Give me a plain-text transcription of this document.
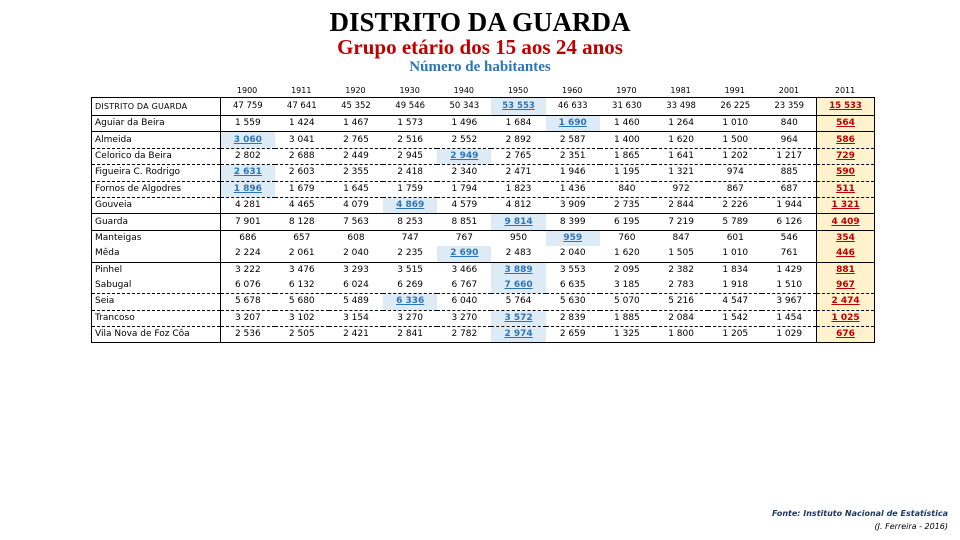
DISTRITO DA GUARDA
Grupo etário dos 15 aos 24 anos
Número de habitantes
1900	1911	1920	1930	1940	1950	1960	1970	1981	1991	2001	2011
DISTRITO DA GUARDA	47 759	47 641	45 352	49 546	50 343	53 553	46 633	31 630	33 498	26 225	23 359	15 533
Aguiar da Beira	1 559	1 424	1 467	1 573	1 496	1 684	1 690	1 460	1 264	1 010	840	564
Almeida	3 060	3 041	2 765	2 516	2 552	2 892	2 587	1 400	1 620	1 500	964	586
Celorico da Beira	2 802	2 688	2 449	2 945	2 949	2 765	2 351	1 865	1 641	1 202	1 217	729
Figueira C. Rodrigo	2 631	2 603	2 355	2 418	2 340	2 471	1 946	1 195	1 321	974	885	590
Fornos de Algodres	1 896	1 679	1 645	1 759	1 794	1 823	1 436	840	972	867	687	511
Gouveia	4 281	4 465	4 079	4 869	4 579	4 812	3 909	2 735	2 844	2 226	1 944	1 321
Guarda	7 901	8 128	7 563	8 253	8 851	9 814	8 399	6 195	7 219	5 789	6 126	4 409
Manteigas	686	657	608	747	767	950	959	760	847	601	546	354
Mêda	2 224	2 061	2 040	2 235	2 690	2 483	2 040	1 620	1 505	1 010	761	446
Pinhel	3 222	3 476	3 293	3 515	3 466	3 889	3 553	2 095	2 382	1 834	1 429	881
Sabugal	6 076	6 132	6 024	6 269	6 767	7 660	6 635	3 185	2 783	1 918	1 510	967
Seia	5 678	5 680	5 489	6 336	6 040	5 764	5 630	5 070	5 216	4 547	3 967	2 474
Trancoso	3 207	3 102	3 154	3 270	3 270	3 572	2 839	1 885	2 084	1 542	1 454	1 025
Vila Nova de Foz Côa	2 536	2 505	2 421	2 841	2 782	2 974	2 659	1 325	1 800	1 205	1 029	676
Fonte: Instituto Nacional de Estatística
(J. Ferreira - 2016)
